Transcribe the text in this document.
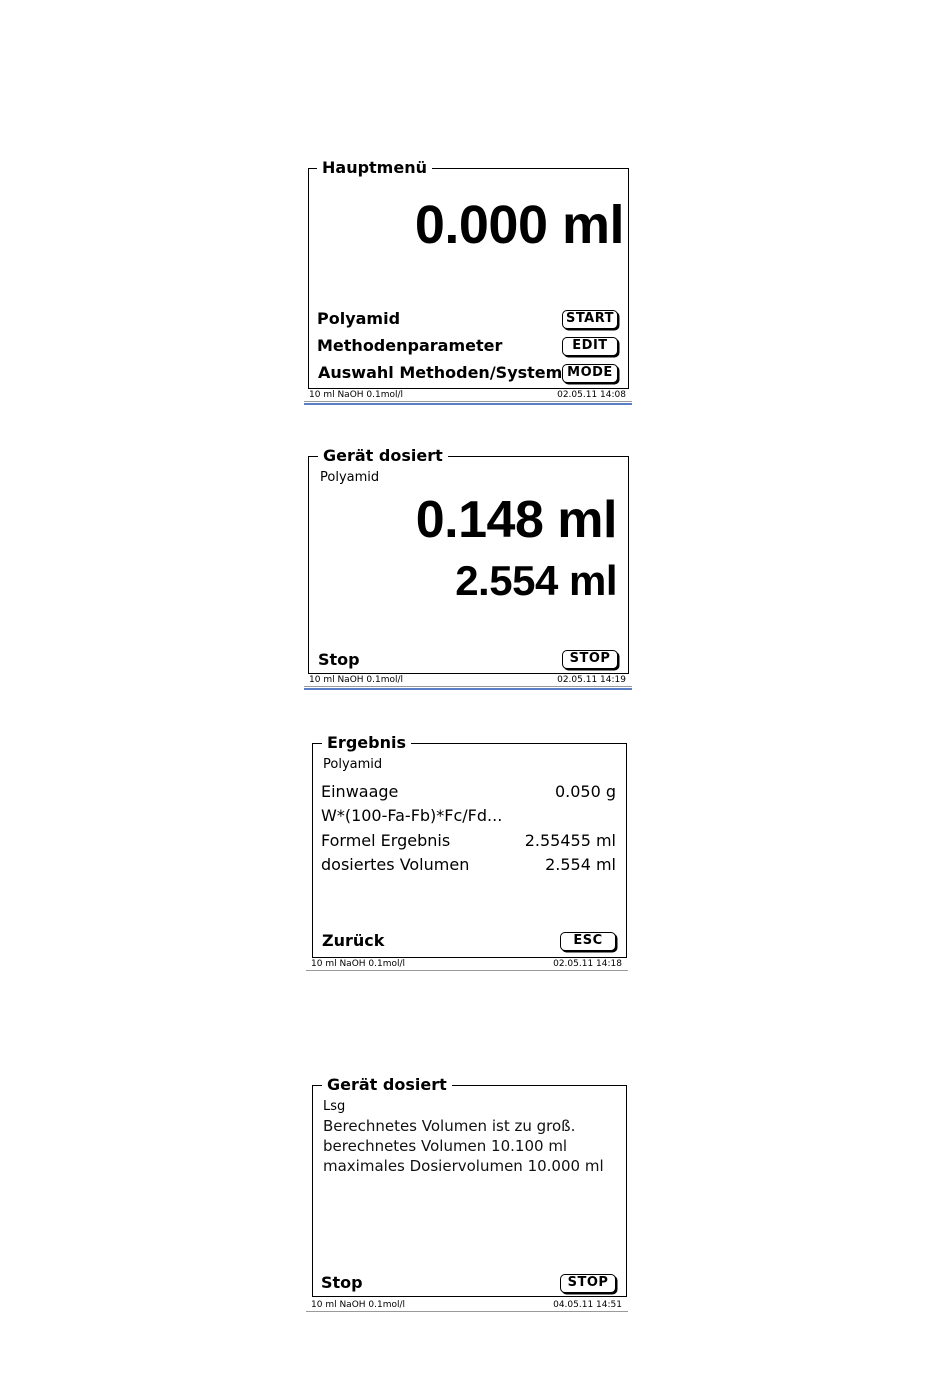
Hauptmenü
0.000 ml
Polyamid	START
Methodenparameter	EDIT
Auswahl Methoden/System MODE
10 ml NaOH 0.1mol/l	02.05.11 14:08
Gerät dosiert
Polyamid
0.148 ml
2.554 ml
Stop	STOP
10 ml NaOH 0.1mol/l	02.05.11 14:19
Ergebnis
Polyamid
Einwaage	0.050 g
W*(100-Fa-Fb)*Fc/Fd...
Formel Ergebnis	2.55455 ml
dosiertes Volumen	2.554 ml
Zurück	ESC
10 ml NaOH 0.1mol/l	02.05.11 14:18
Gerät dosiert
Lsg
Berechnetes Volumen ist zu groß.
berechnetes Volumen 10.100 ml
maximales Dosiervolumen 10.000 ml
Stop	STOP
10 ml NaOH 0.1mol/l	04.05.11 14:51
